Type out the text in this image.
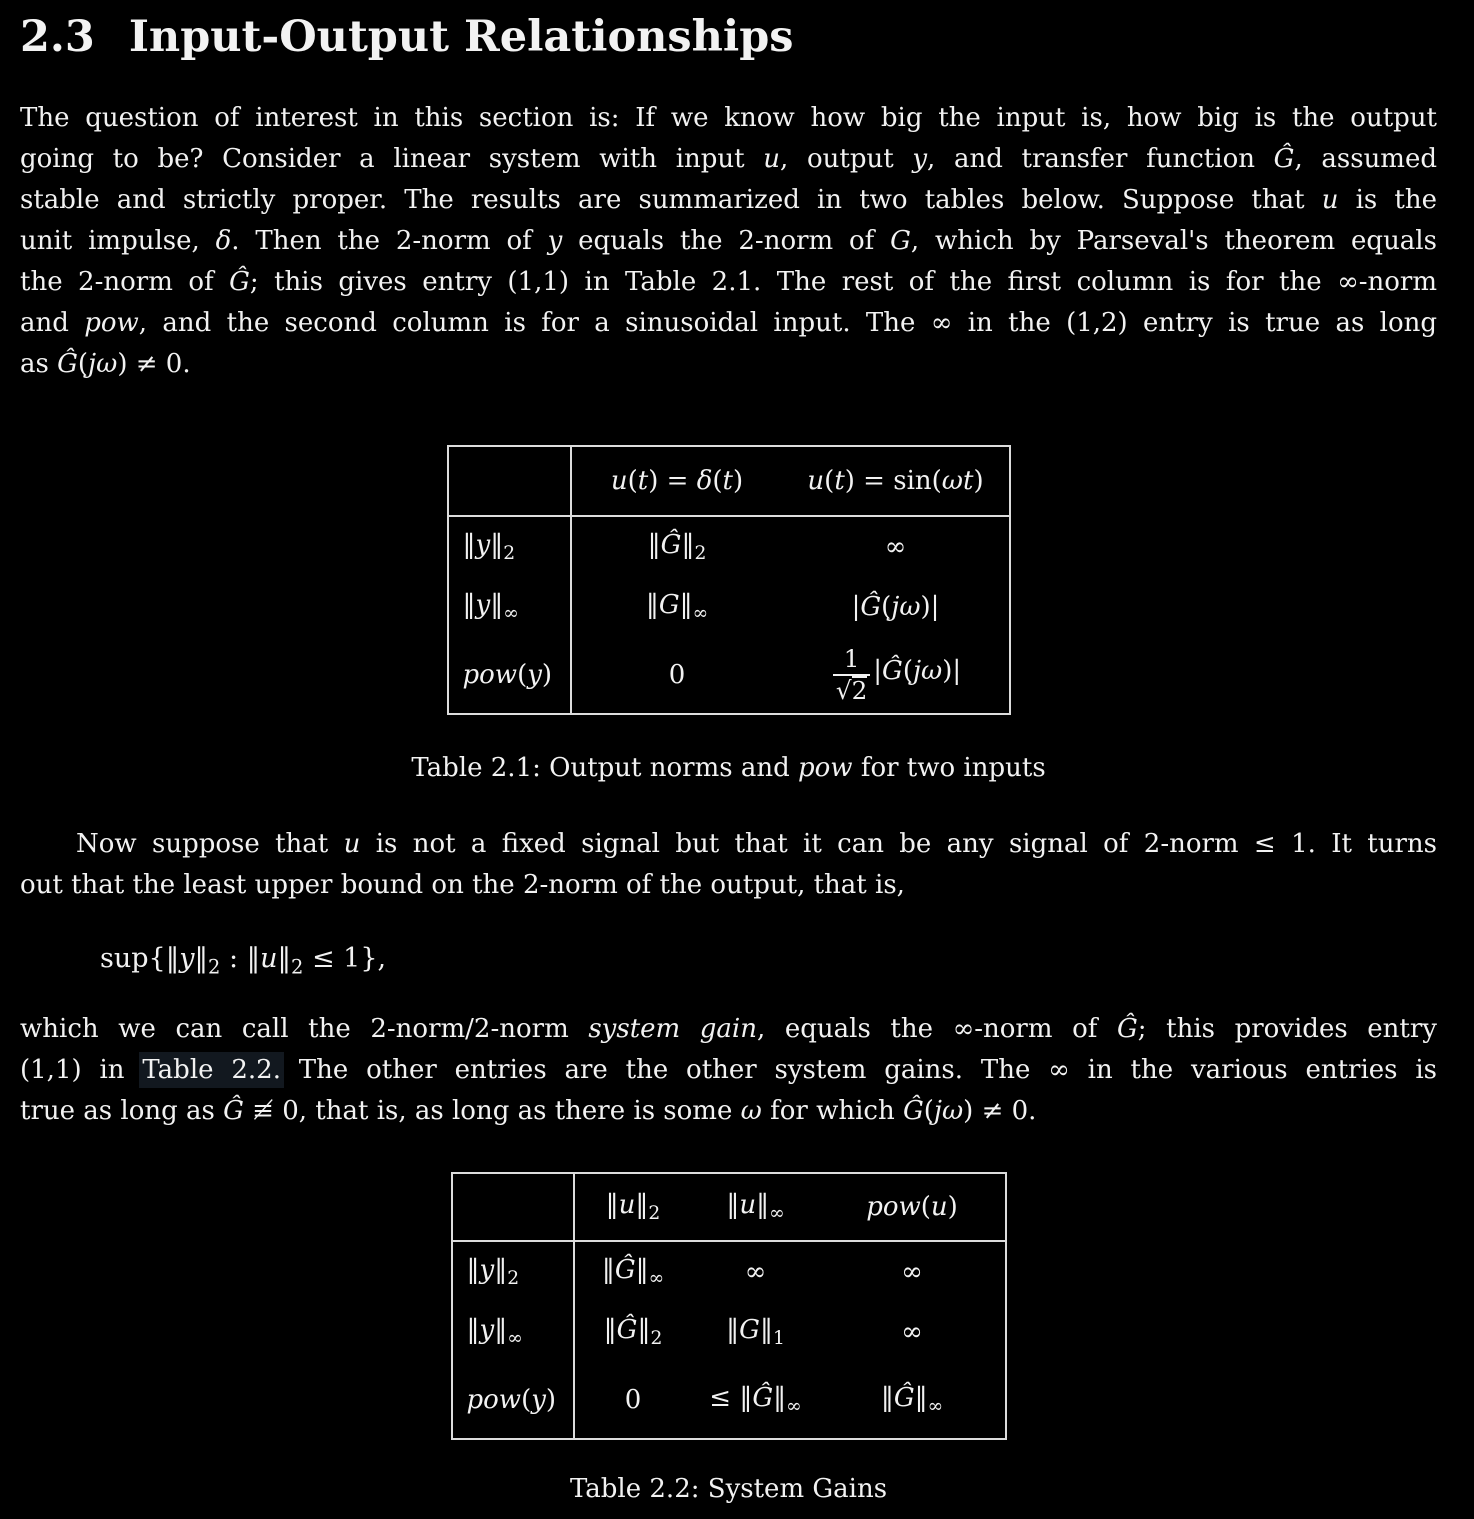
2.3 Input-Output Relationships
The question of interest in this section is: If we know how big the input is, how big is the output
going to be? Consider a linear system with input u, output y, and transfer function Ĝ, assumed
stable and strictly proper. The results are summarized in two tables below. Suppose that u is the
unit impulse, δ. Then the 2-norm of y equals the 2-norm of G, which by Parseval's theorem equals
the 2-norm of Ĝ; this gives entry (1,1) in Table 2.1. The rest of the first column is for the ∞-norm
and pow, and the second column is for a sinusoidal input. The ∞ in the (1,2) entry is true as long
as Ĝ(jω) ≠ 0.
	u(t) = δ(t)	u(t) = sin(ωt)
$‖y‖_2$	$‖Ĝ‖_2$	∞
$‖y‖_\infty$	$‖G‖_\infty$	|Ĝ(jω)|
pow(y)	0	$\frac{1}{√2}$ |Ĝ(jω)|
Table 2.1: Output norms and pow for two inputs
Now suppose that u is not a fixed signal but that it can be any signal of 2-norm ≤ 1. It turns
out that the least upper bound on the 2-norm of the output, that is,
$sup\{‖y‖_2$ : $‖u‖_2 \le 1$},
which we can call the 2-norm/2-norm system gain, equals the ∞-norm of Ĝ; this provides entry
(1,1) in Table 2.2. The other entries are the other system gains. The ∞ in the various entries is
true as long as Ĝ ≢ 0, that is, as long as there is some ω for which Ĝ(jω) ≠ 0.
	$‖u‖_2$	$‖u‖_\infty$	pow(u)
$‖y‖_2$	$‖Ĝ‖_\infty$	∞	∞
$‖y‖_\infty$	$‖Ĝ‖_2$	$‖G‖_1$	∞
pow(y)	0	≤ $‖Ĝ‖_\infty$	$‖Ĝ‖_\infty$
Table 2.2: System Gains
